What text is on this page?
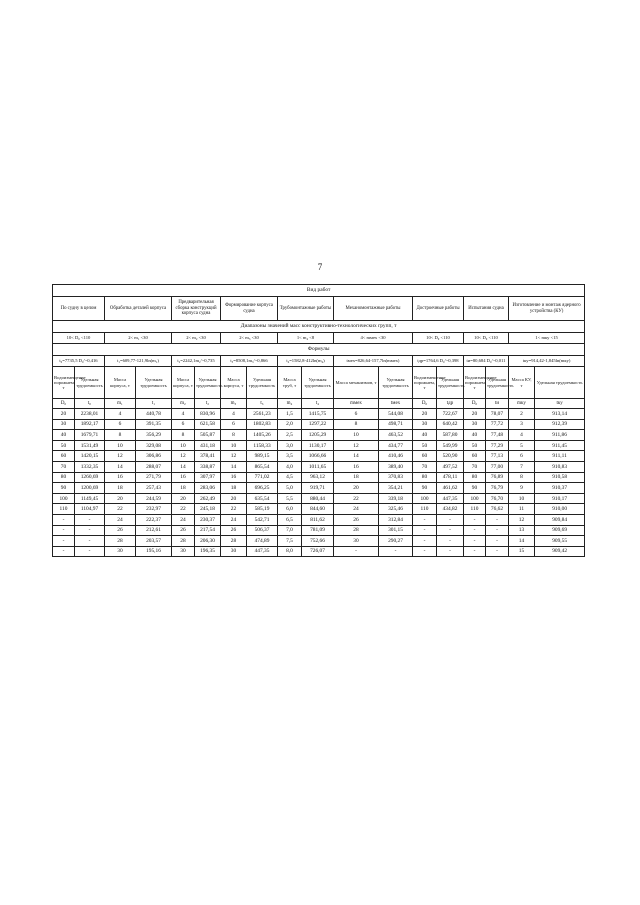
7
Вид работ																	
По судну в целом		Обработка деталей корпуса		Предварительная сборка конструкций корпуса судна		Формирование корпуса судна		Трубомонтажные работы		Механомонтажные работы		Достроечные работы		Испытания судна		Изготовление и монтаж ядерного устройства (КУ)	
Диапазоны значений масс конструктивно-технологических групп, т																	
10< D₀ <110		2< m₁ <30		2< m₂ <30		2< m₃ <30		1< m₄ <8		4< mмех <30		10< D₀ <110		10< D₀ <110		1< mку <15	
Формулы																	
t₀=7735,5 D₀^-0,416		t₁=609,77-121,9ln(m₁)		t₂=2242,1m₂^-0,735		t₃=8508,1m₃^-0,866		t₄=1582,8-412ln(m₄)		tмех=826,64-157,7ln(mмех)		tдр=1764,6 D₀^-0,398		tи=80,684 D₀^-0,011		tку=914,42-1,845ln(mку)	
Водоизмещение порожнем, т	Удельная трудоемкость	Масса корпуса, т	Удельная трудоемкость	Масса корпуса, т	Удельная трудоемкость	Масса корпуса, т	Удельная трудоемкость	Масса труб, т	Удельная трудоемкость	Масса механизмов, т	Удельная трудоемкость	Водоизмещение порожнем, т	Удельная трудоемкость	Водоизмещение порожнем, т	Удельная трудоемкость	Масса КУ, т	Удельная трудоемкость
D₀	t₀	m₁	t₁	m₂	t₂	m₃	t₃	m₄	t₄	mмех	tмех	D₀	tдр	D₀	tи	mку	tку
20	2238,01	4	440,78	4	830,96	4	2561,23	1,5	1415,75	6	544,08	20	722,67	20	78,07	2	913,14
30	1892,17	6	391,35	6	621,58	6	1802,83	2,0	1297,22	8	498,71	30	640,42	30	77,72	3	912,39
40	1679,71	8	356,29	8	505,87	8	1405,26	2,5	1205,29	10	463,52	40	587,80	40	77,48	4	911,86
50	1531,49	10	329,08	10	431,18	10	1158,33	3,0	1130,17	12	434,77	50	549,99	50	77,29	5	911,45
60	1420,15	12	306,86	12	378,41	12	989,15	3,5	1066,66	14	410,46	60	520,90	60	77,13	6	911,11
70	1332,35	14	288,07	14	338,87	14	865,54	4,0	1011,65	16	389,40	70	497,52	70	77,00	7	910,83
80	1260,69	16	271,79	16	307,97	16	771,02	4,5	963,12	18	370,83	80	478,11	80	76,89	8	910,58
90	1200,69	18	257,43	18	283,06	18	696,25	5,0	919,71	20	354,21	90	461,62	90	76,79	9	910,37
100	1149,45	20	244,59	20	262,49	20	635,54	5,5	880,44	22	339,18	100	447,35	100	76,70	10	910,17
110	1104,97	22	232,97	22	245,18	22	585,19	6,0	844,60	24	325,46	110	434,82	110	76,62	11	910,00
-	-	24	222,37	24	230,37	24	542,71	6,5	811,62	26	312,84	-	-	-	-	12	909,84
-	-	26	212,61	26	217,54	26	506,37	7,0	781,09	28	301,15	-	-	-	-	13	909,69
-	-	28	203,57	28	206,30	28	474,89	7,5	752,66	30	290,27	-	-	-	-	14	909,55
-	-	30	195,16	30	196,35	30	447,35	8,0	726,07	-	-	-	-	-	-	15	909,42
